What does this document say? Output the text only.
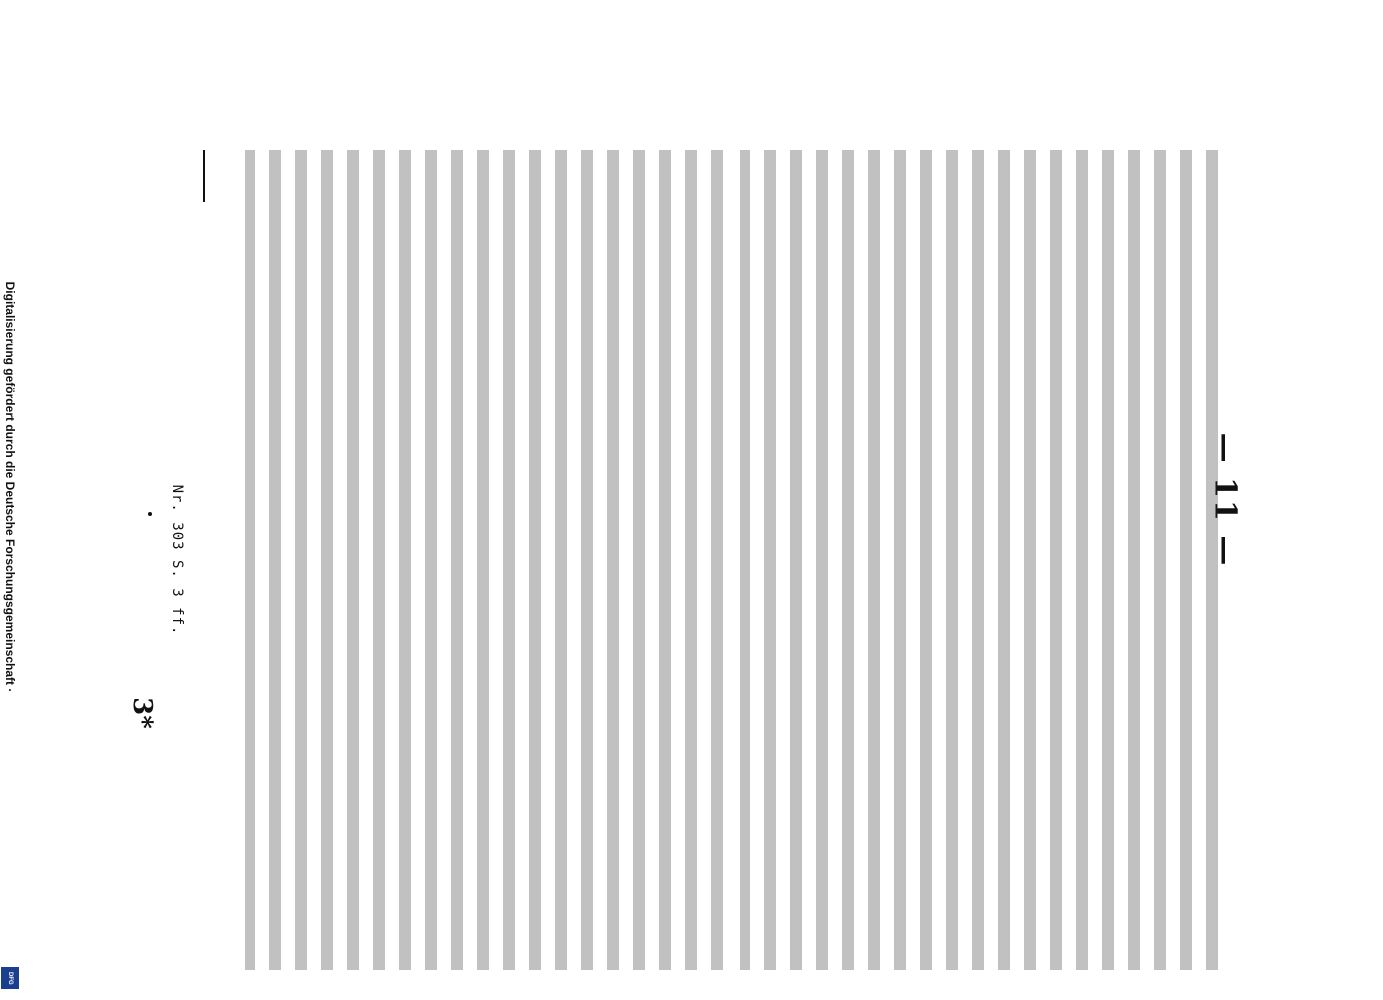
— 11 —
3*
Nr. 303 S. 3 ff.
Digitalisierung gefördert durch die Deutsche Forschungsgemeinschaft ·
DFG
